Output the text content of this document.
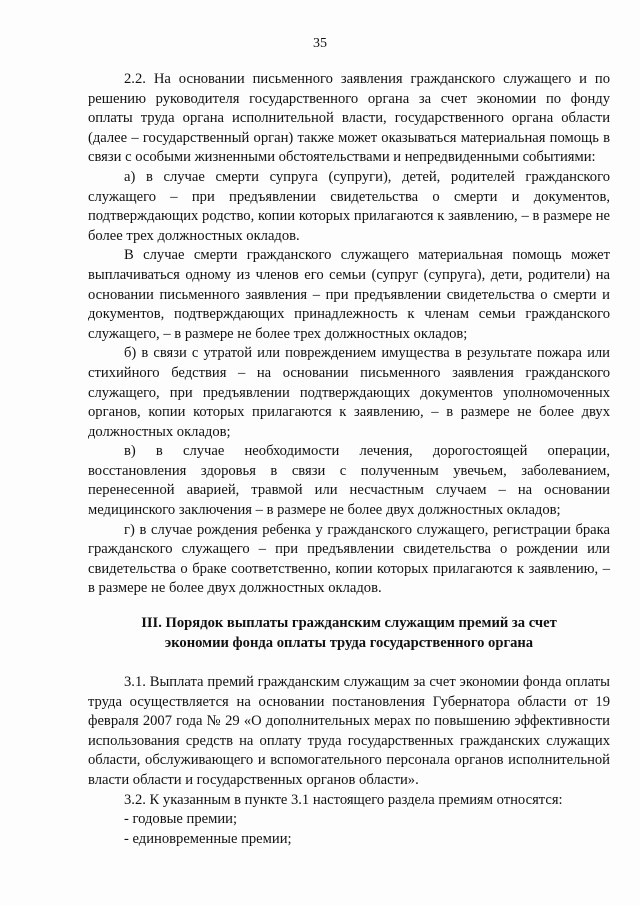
35

2.2. На основании письменного заявления гражданского служащего и по решению руководителя государственного органа за счет экономии по фонду оплаты труда органа исполнительной власти, государственного органа области (далее – государственный орган) также может оказываться материальная помощь в связи с особыми жизненными обстоятельствами и непредвиденными событиями:

а) в случае смерти супруга (супруги), детей, родителей гражданского служащего – при предъявлении свидетельства о смерти и документов, подтверждающих родство, копии которых прилагаются к заявлению, – в размере не более трех должностных окладов.

В случае смерти гражданского служащего материальная помощь может выплачиваться одному из членов его семьи (супруг (супруга), дети, родители) на основании письменного заявления – при предъявлении свидетельства о смерти и документов, подтверждающих принадлежность к членам семьи гражданского служащего, – в размере не более трех должностных окладов;

б) в связи с утратой или повреждением имущества в результате пожара или стихийного бедствия – на основании письменного заявления гражданского служащего, при предъявлении подтверждающих документов уполномоченных органов, копии которых прилагаются к заявлению, – в размере не более двух должностных окладов;

в) в случае необходимости лечения, дорогостоящей операции, восстановления здоровья в связи с полученным увечьем, заболеванием, перенесенной аварией, травмой или несчастным случаем – на основании медицинского заключения – в размере не более двух должностных окладов;

г) в случае рождения ребенка у гражданского служащего, регистрации брака гражданского служащего – при предъявлении свидетельства о рождении или свидетельства о браке соответственно, копии которых прилагаются к заявлению, – в размере не более двух должностных окладов.

III. Порядок выплаты гражданским служащим премий за счет

экономии фонда оплаты труда государственного органа

3.1. Выплата премий гражданским служащим за счет экономии фонда оплаты труда осуществляется на основании постановления Губернатора области от 19 февраля 2007 года № 29 «О дополнительных мерах по повышению эффективности использования средств на оплату труда государственных гражданских служащих области, обслуживающего и вспомогательного персонала органов исполнительной власти области и государственных органов области».

3.2. К указанным в пункте 3.1 настоящего раздела премиям относятся:

- годовые премии;

- единовременные премии;
